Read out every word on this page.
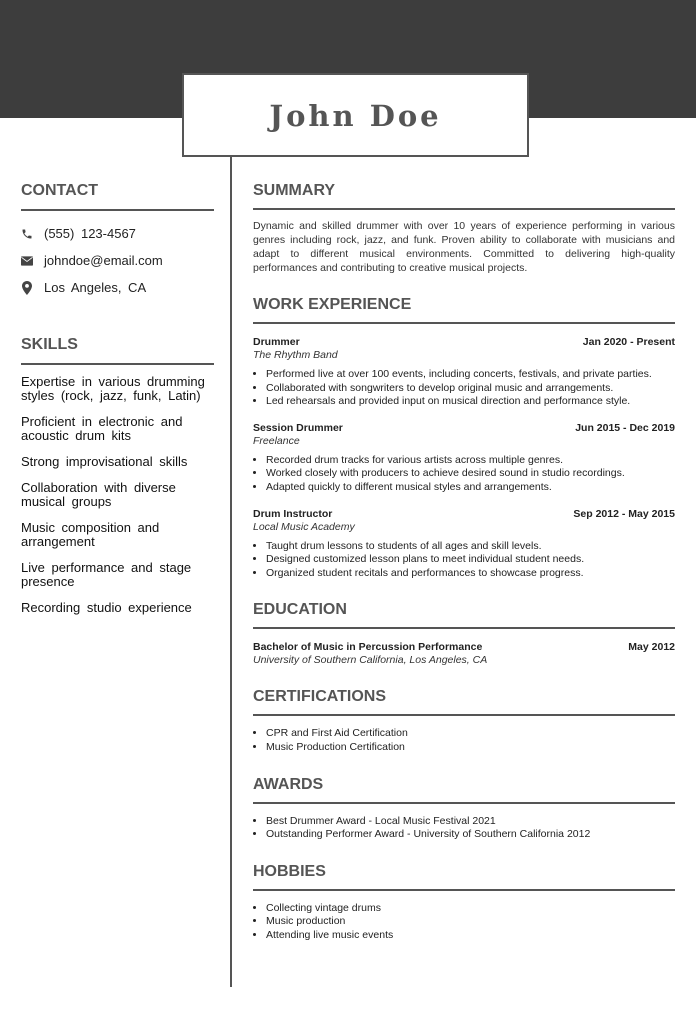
John Doe
CONTACT
(555) 123-4567
johndoe@email.com
Los Angeles, CA
SKILLS
Expertise in various drumming styles (rock, jazz, funk, Latin)
Proficient in electronic and acoustic drum kits
Strong improvisational skills
Collaboration with diverse musical groups
Music composition and arrangement
Live performance and stage presence
Recording studio experience
SUMMARY
Dynamic and skilled drummer with over 10 years of experience performing in various genres including rock, jazz, and funk. Proven ability to collaborate with musicians and adapt to different musical environments. Committed to delivering high-quality performances and contributing to creative musical projects.
WORK EXPERIENCE
Drummer	Jan 2020 - Present
The Rhythm Band
• Performed live at over 100 events, including concerts, festivals, and private parties.
• Collaborated with songwriters to develop original music and arrangements.
• Led rehearsals and provided input on musical direction and performance style.
Session Drummer	Jun 2015 - Dec 2019
Freelance
• Recorded drum tracks for various artists across multiple genres.
• Worked closely with producers to achieve desired sound in studio recordings.
• Adapted quickly to different musical styles and arrangements.
Drum Instructor	Sep 2012 - May 2015
Local Music Academy
• Taught drum lessons to students of all ages and skill levels.
• Designed customized lesson plans to meet individual student needs.
• Organized student recitals and performances to showcase progress.
EDUCATION
Bachelor of Music in Percussion Performance	May 2012
University of Southern California, Los Angeles, CA
CERTIFICATIONS
• CPR and First Aid Certification
• Music Production Certification
AWARDS
• Best Drummer Award - Local Music Festival 2021
• Outstanding Performer Award - University of Southern California 2012
HOBBIES
• Collecting vintage drums
• Music production
• Attending live music events
